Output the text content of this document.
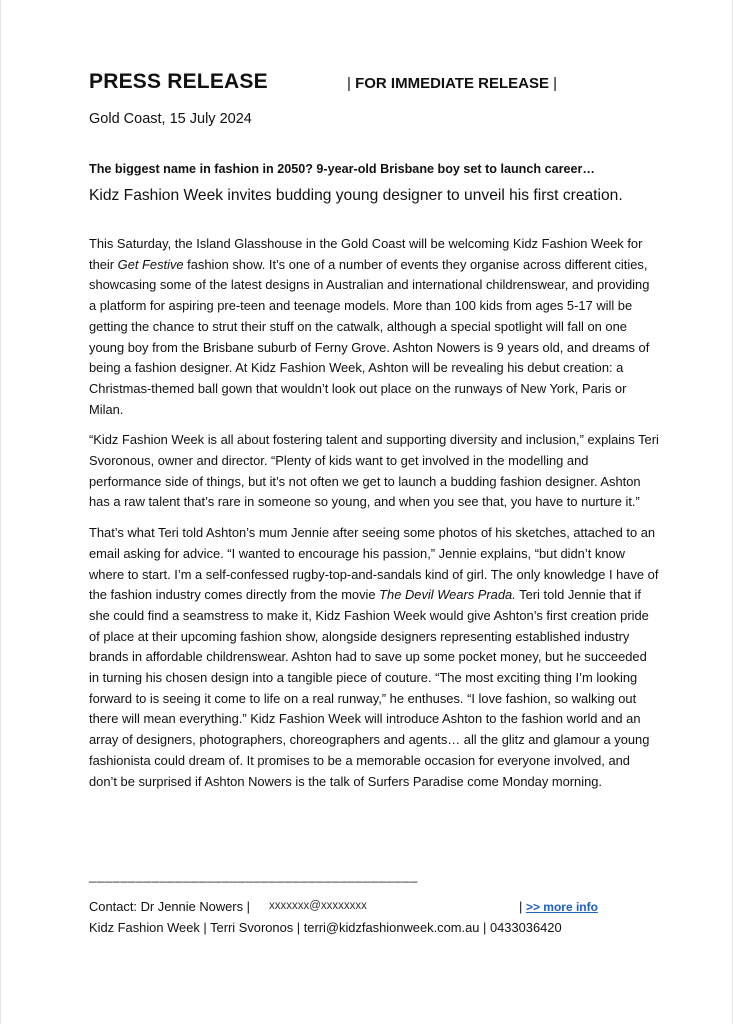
PRESS RELEASE	| FOR IMMEDIATE RELEASE |
Gold Coast, 15 July 2024
The biggest name in fashion in 2050? 9-year-old Brisbane boy set to launch career…
Kidz Fashion Week invites budding young designer to unveil his first creation.

This Saturday, the Island Glasshouse in the Gold Coast will be welcoming Kidz Fashion Week for their Get Festive fashion show. It’s one of a number of events they organise across different cities, showcasing some of the latest designs in Australian and international childrenswear, and providing a platform for aspiring pre-teen and teenage models. More than 100 kids from ages 5-17 will be getting the chance to strut their stuff on the catwalk, although a special spotlight will fall on one young boy from the Brisbane suburb of Ferny Grove. Ashton Nowers is 9 years old, and dreams of being a fashion designer. At Kidz Fashion Week, Ashton will be revealing his debut creation: a Christmas-themed ball gown that wouldn’t look out place on the runways of New York, Paris or Milan.

“Kidz Fashion Week is all about fostering talent and supporting diversity and inclusion,” explains Teri Svoronous, owner and director. “Plenty of kids want to get involved in the modelling and performance side of things, but it’s not often we get to launch a budding fashion designer. Ashton has a raw talent that’s rare in someone so young, and when you see that, you have to nurture it.”

That’s what Teri told Ashton’s mum Jennie after seeing some photos of his sketches, attached to an email asking for advice. “I wanted to encourage his passion,” Jennie explains, “but didn’t know where to start. I’m a self-confessed rugby-top-and-sandals kind of girl. The only knowledge I have of the fashion industry comes directly from the movie The Devil Wears Prada. Teri told Jennie that if she could find a seamstress to make it, Kidz Fashion Week would give Ashton’s first creation pride of place at their upcoming fashion show, alongside designers representing established industry brands in affordable childrenswear. Ashton had to save up some pocket money, but he succeeded in turning his chosen design into a tangible piece of couture. “The most exciting thing I’m looking forward to is seeing it come to life on a real runway,” he enthuses. “I love fashion, so walking out there will mean everything.” Kidz Fashion Week will introduce Ashton to the fashion world and an array of designers, photographers, choreographers and agents… all the glitz and glamour a young fashionista could dream of. It promises to be a memorable occasion for everyone involved, and don’t be surprised if Ashton Nowers is the talk of Surfers Paradise come Monday morning.

__________________________________________
Contact: Dr Jennie Nowers | xxxxxxx@xxxxxxxx	| >> more info
Kidz Fashion Week | Terri Svoronos | terri@kidzfashionweek.com.au | 0433036420
